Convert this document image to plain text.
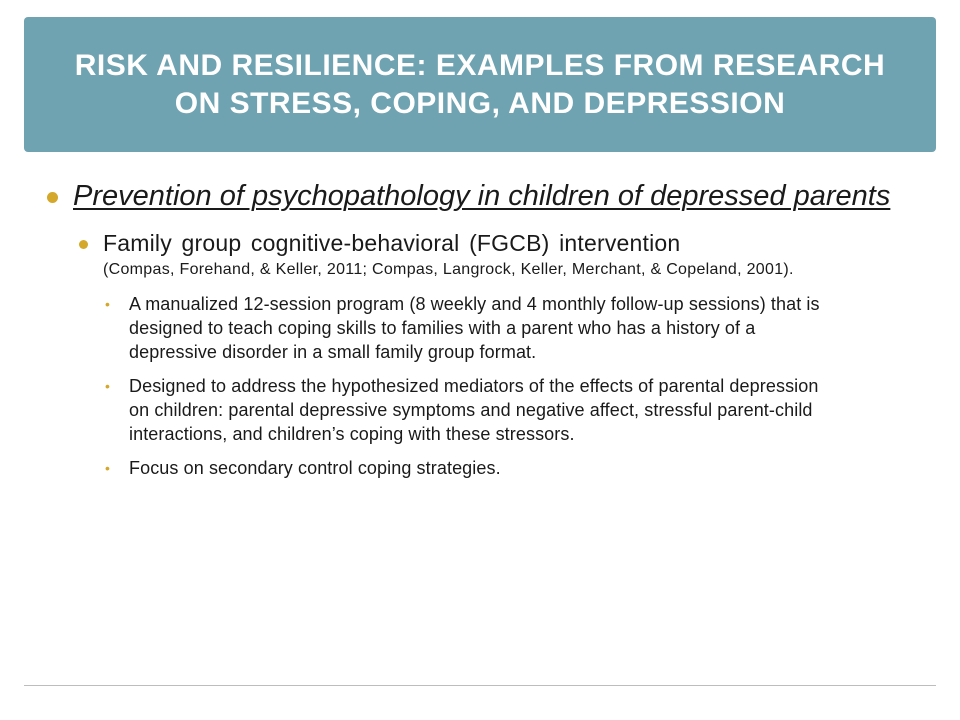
RISK AND RESILIENCE: EXAMPLES FROM RESEARCH ON STRESS, COPING, AND DEPRESSION
Prevention of psychopathology in children of depressed parents
Family group cognitive-behavioral (FGCB) intervention
(Compas, Forehand, & Keller, 2011; Compas, Langrock, Keller, Merchant, & Copeland, 2001).
• A manualized 12-session program (8 weekly and 4 monthly follow-up sessions) that is designed to teach coping skills to families with a parent who has a history of a depressive disorder in a small family group format.
• Designed to address the hypothesized mediators of the effects of parental depression on children: parental depressive symptoms and negative affect, stressful parent-child interactions, and children’s coping with these stressors.
• Focus on secondary control coping strategies.
